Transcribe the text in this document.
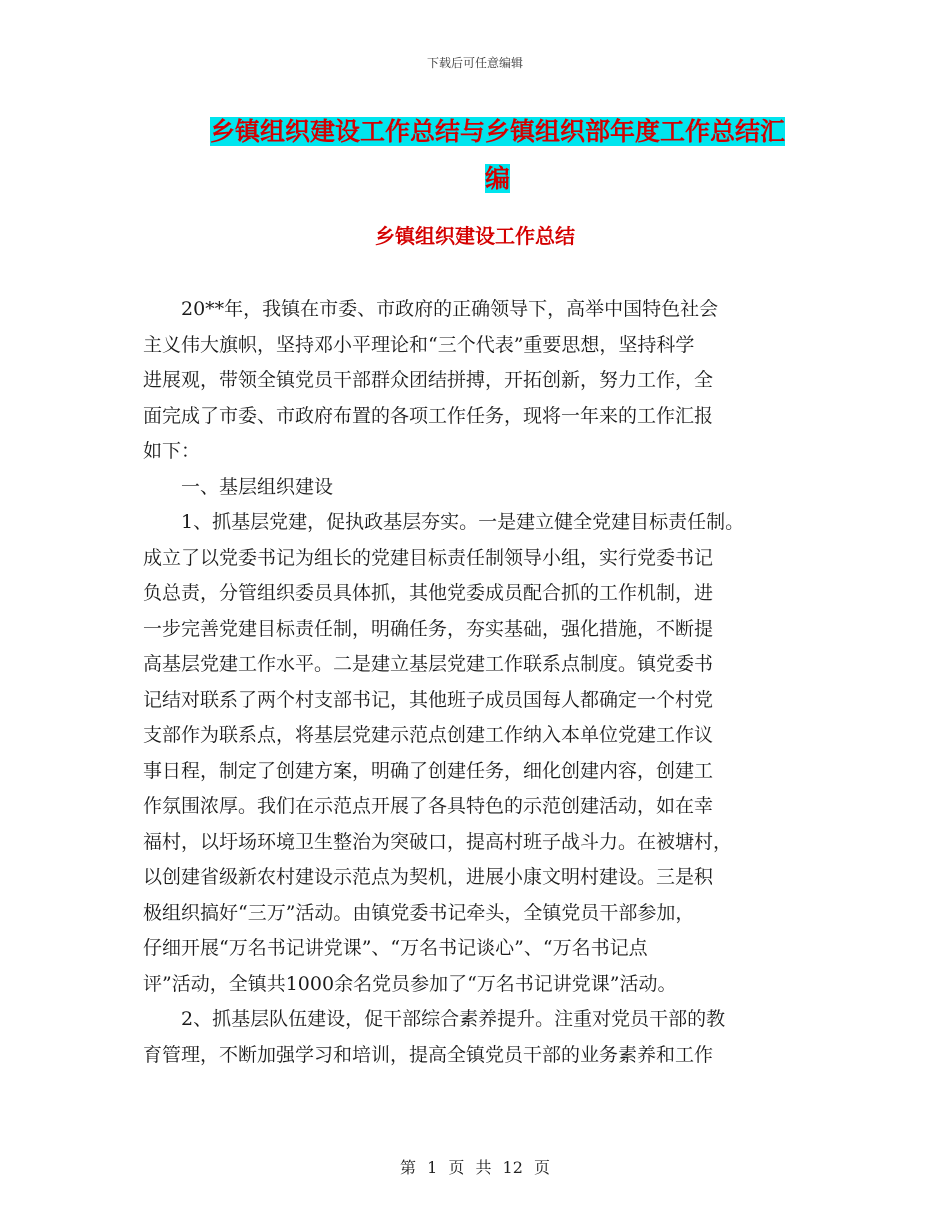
下载后可任意编辑
乡镇组织建设工作总结与乡镇组织部年度工作总结汇
编
乡镇组织建设工作总结
　　20**年，我镇在市委、市政府的正确领导下，高举中国特色社会
主义伟大旗帜，坚持邓小平理论和“三个代表”重要思想，坚持科学
进展观，带领全镇党员干部群众团结拼搏，开拓创新，努力工作，全
面完成了市委、市政府布置的各项工作任务，现将一年来的工作汇报
如下：
　　一、基层组织建设
　　1、抓基层党建，促执政基层夯实。一是建立健全党建目标责任制。
成立了以党委书记为组长的党建目标责任制领导小组，实行党委书记
负总责，分管组织委员具体抓，其他党委成员配合抓的工作机制，进
一步完善党建目标责任制，明确任务，夯实基础，强化措施，不断提
高基层党建工作水平。二是建立基层党建工作联系点制度。镇党委书
记结对联系了两个村支部书记，其他班子成员国每人都确定一个村党
支部作为联系点，将基层党建示范点创建工作纳入本单位党建工作议
事日程，制定了创建方案，明确了创建任务，细化创建内容，创建工
作氛围浓厚。我们在示范点开展了各具特色的示范创建活动，如在幸
福村，以圩场环境卫生整治为突破口，提高村班子战斗力。在被塘村，
以创建省级新农村建设示范点为契机，进展小康文明村建设。三是积
极组织搞好“三万”活动。由镇党委书记牵头，全镇党员干部参加，
仔细开展“万名书记讲党课”、“万名书记谈心”、“万名书记点
评”活动，全镇共1000余名党员参加了“万名书记讲党课”活动。
　　2、抓基层队伍建设，促干部综合素养提升。注重对党员干部的教
育管理，不断加强学习和培训，提高全镇党员干部的业务素养和工作
第 1 页 共 12 页
